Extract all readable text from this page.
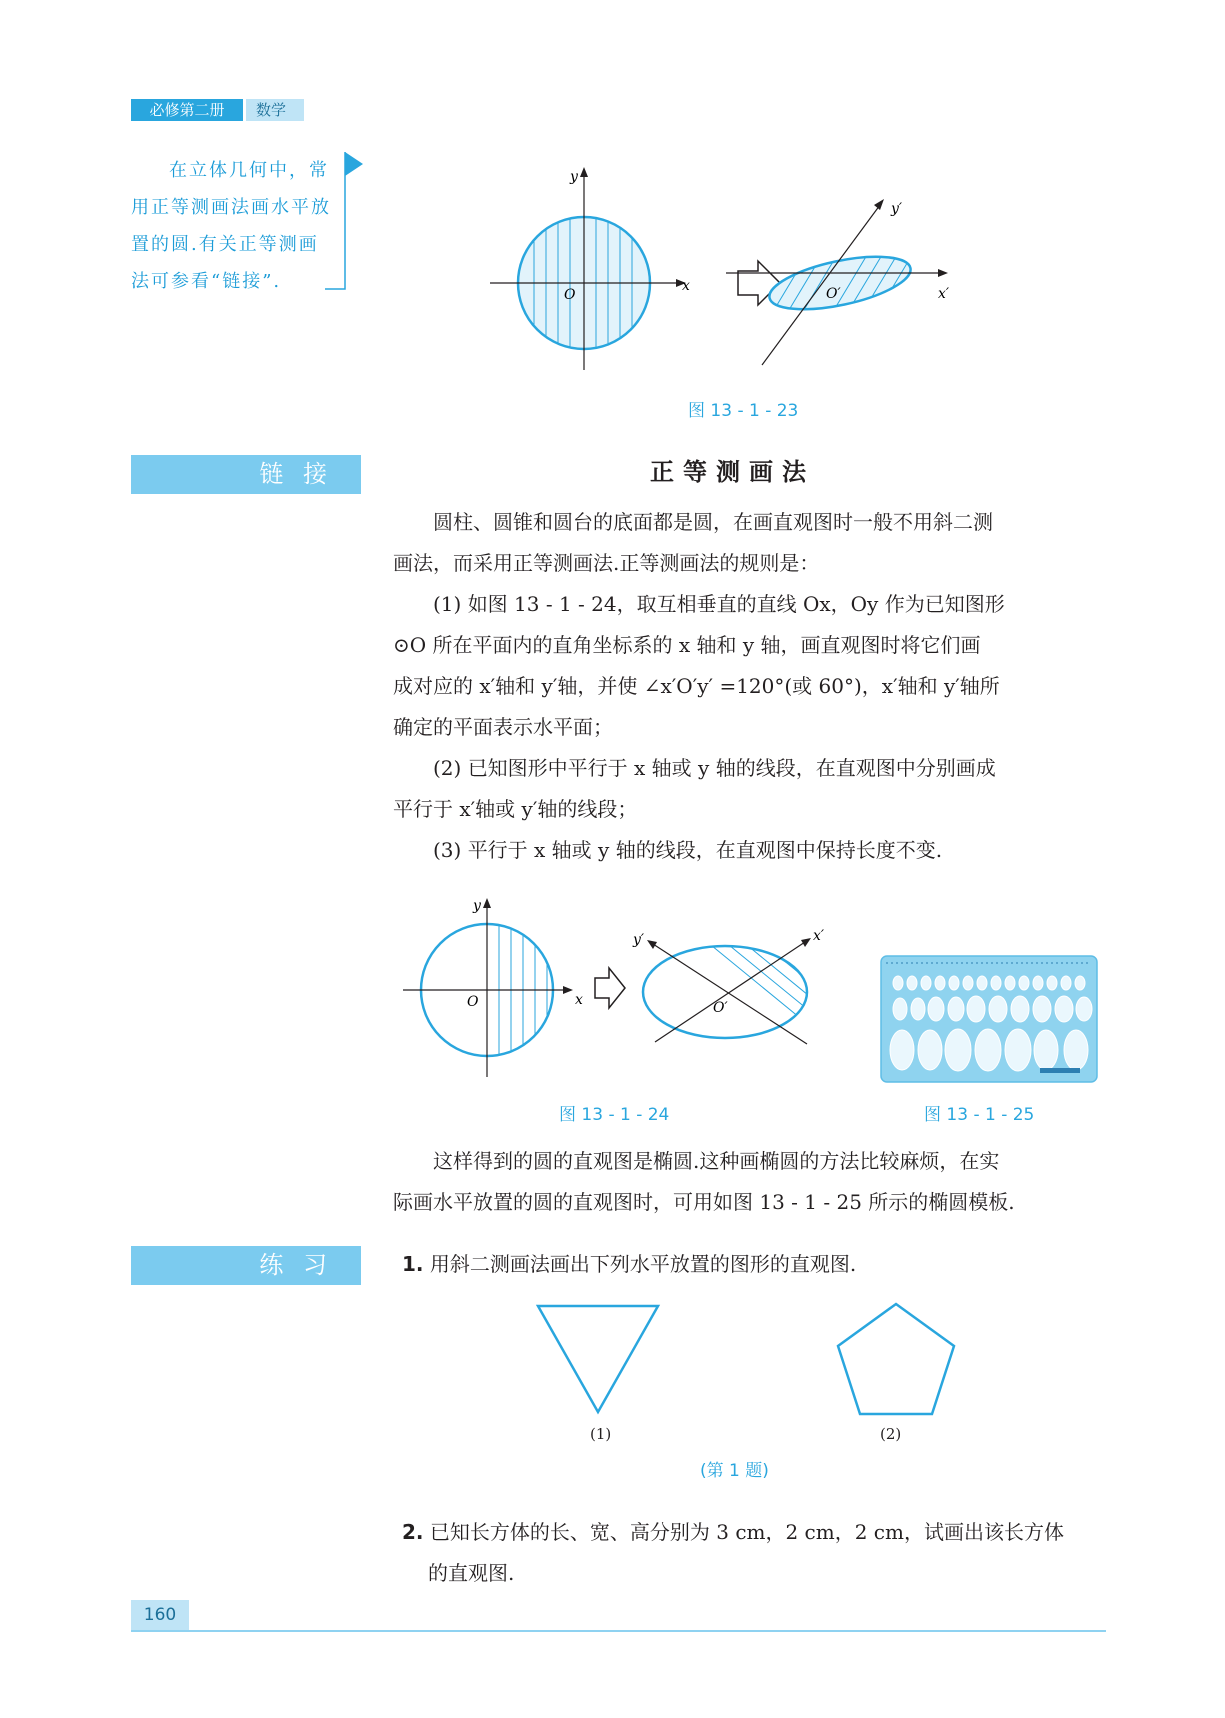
必修第二册	数学

在立体几何中，常

用正等测画法画水平放

置的圆.有关正等测画

法可参看“链接”.

y
x
O
y′
x′
O′
图 13 - 1 - 23
链 接	正等测画法

圆柱、圆锥和圆台的底面都是圆，在画直观图时一般不用斜二测

画法，而采用正等测画法.正等测画法的规则是：

(1) 如图 13 - 1 - 24，取互相垂直的直线 Ox，Oy 作为已知图形

⊙O 所在平面内的直角坐标系的 x 轴和 y 轴，画直观图时将它们画

成对应的 x′轴和 y′轴，并使 ∠x′O′y′ =120°(或 60°)，x′轴和 y′轴所

确定的平面表示水平面；

(2) 已知图形中平行于 x 轴或 y 轴的线段，在直观图中分别画成

平行于 x′轴或 y′轴的线段；

(3) 平行于 x 轴或 y 轴的线段，在直观图中保持长度不变.

y
x
O
y′	x′
O′
图 13 - 1 - 24	图 13 - 1 - 25

这样得到的圆的直观图是椭圆.这种画椭圆的方法比较麻烦，在实

际画水平放置的圆的直观图时，可用如图 13 - 1 - 25 所示的椭圆模板.

练 习	1. 用斜二测画法画出下列水平放置的图形的直观图.

(1)	(2)
(第 1 题)

2. 已知长方体的长、宽、高分别为 3 cm，2 cm，2 cm，试画出该长方体

的直观图.

160
